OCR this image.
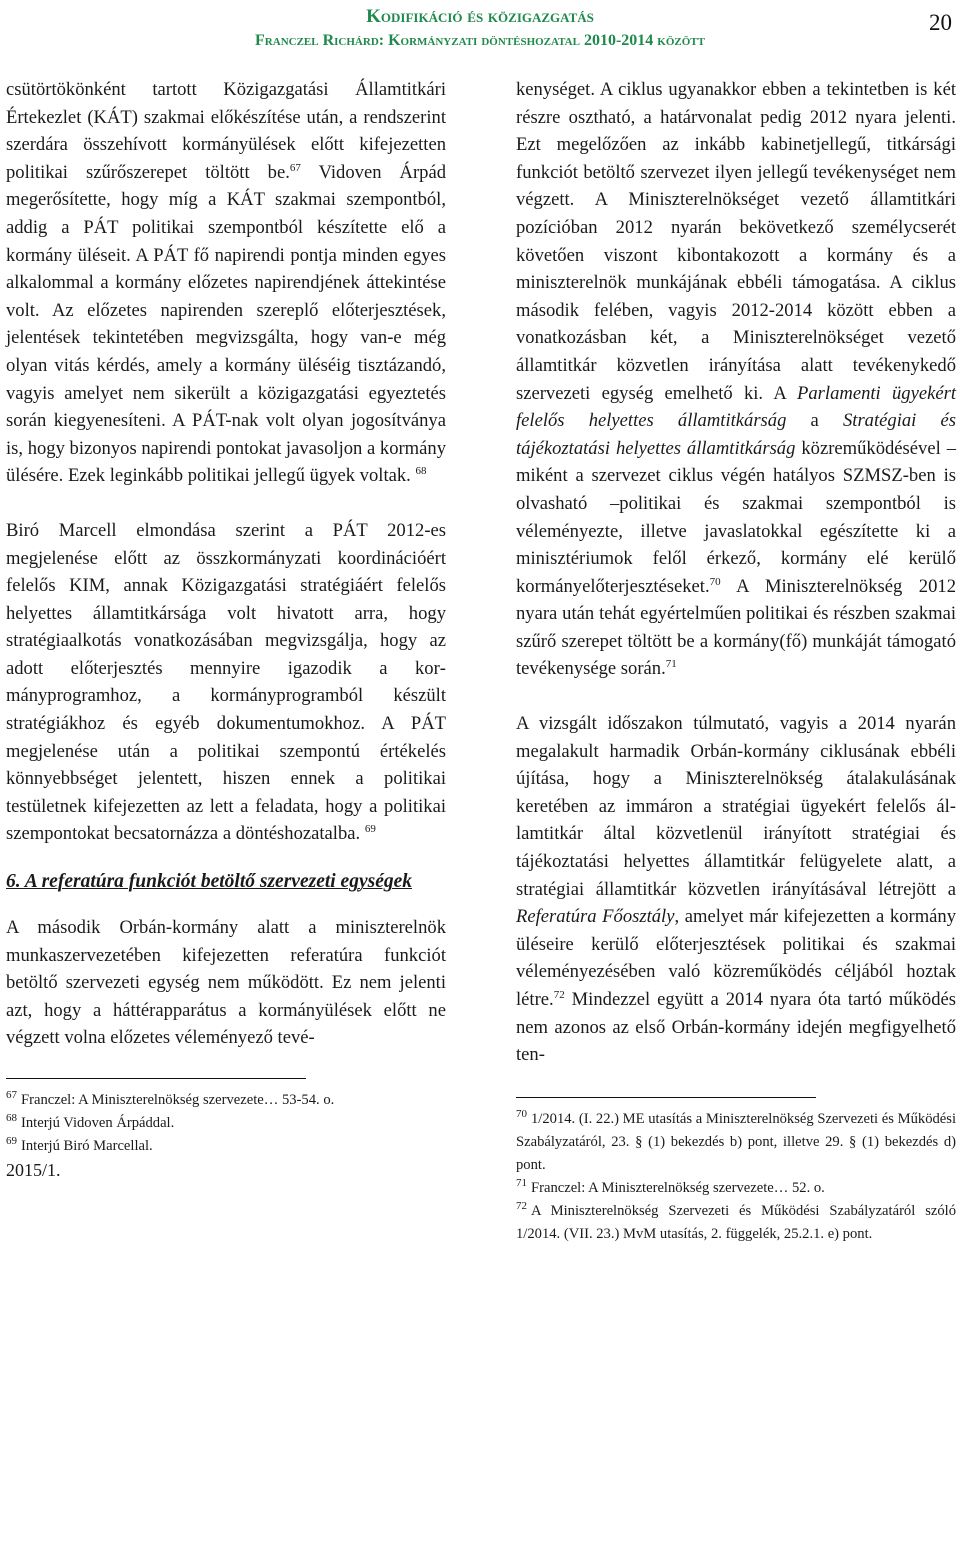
Kodifikáció és közigazgatás
Franczel Richárd: Kormányzati döntéshozatal 2010-2014 között
20

csütörtökönként tartott Közigazgatási Államtitkári Értekezlet (KÁT) szakmai előkészítése után, a rendszerint szerdára összehívott kormányülések előtt kifejezetten politikai szűrőszerepet töltött be.$^{67}$ Vidoven Árpád megerősítette, hogy míg a KÁT szakmai szempontból, addig a PÁT politikai szempontból készítette elő a kormány üléseit. A PÁT fő napirendi pontja minden egyes alkalommal a kormány előzetes napirendjének áttekintése volt. Az előzetes napirenden szereplő előterjesztések, jelentések tekintetében megvizsgálta, hogy van-e még olyan vitás kérdés, amely a kormány üléséig tisztázandó, vagyis amelyet nem sikerült a közigazgatási egyeztetés során kiegyenesíteni. A PÁT-nak volt olyan jogosítványa is, hogy bizonyos napirendi pontokat javasoljon a kormány ülésére. Ezek leginkább politikai jellegű ügyek voltak. $^{68}$

Biró Marcell elmondása szerint a PÁT 2012-es megjelenése előtt az összkormányzati koordinációért felelős KIM, annak Közigazgatási stratégiáért felelős helyettes államtitkársága volt hivatott arra, hogy stratégiaalkotás vonatkozásában megvizsgálja, hogy az adott előterjesztés mennyire igazodik a kormányprogramhoz, a kormányprogramból készült stratégiákhoz és egyéb dokumentumokhoz. A PÁT megjelenése után a politikai szempontú értékelés könnyebbséget jelentett, hiszen ennek a politikai testületnek kifejezetten az lett a feladata, hogy a politikai szempontokat becsatornázza a döntéshozatalba. $^{69}$

6. A referatúra funkciót betöltő szervezeti egységek

A második Orbán-kormány alatt a miniszterelnök munkaszervezetében kifejezetten referatúra funkciót betöltő szervezeti egység nem működött. Ez nem jelenti azt, hogy a háttérapparátus a kormányülések előtt ne végzett volna előzetes véleményező tevé-

$^{67}$ Franczel: A Miniszterelnökség szervezete… 53-54. o.

$^{68}$ Interjú Vidoven Árpáddal.

$^{69}$ Interjú Biró Marcellal.

2015/1.

kenységet. A ciklus ugyanakkor ebben a tekintetben is két részre osztható, a határvonalat pedig 2012 nyara jelenti. Ezt megelőzően az inkább kabinetjellegű, titkársági funkciót betöltő szervezet ilyen jellegű tevékenységet nem végzett. A Miniszterelnökséget vezető államtitkári pozícióban 2012 nyarán bekövetkező személycserét követően viszont kibontakozott a kormány és a miniszterelnök munkájának ebbéli támogatása. A ciklus második felében, vagyis 2012-2014 között ebben a vonatkozásban két, a Miniszterelnökséget vezető államtitkár közvetlen irányítása alatt tevékenykedő szervezeti egység emelhető ki. A Parlamenti ügyekért felelős helyettes államtitkárság a Stratégiai és tájékoztatási helyettes államtitkárság közreműködésével – miként a szervezet ciklus végén hatályos SZMSZ-ben is olvasható –politikai és szakmai szempontból is véleményezte, illetve javaslatokkal egészítette ki a minisztériumok felől érkező, kormány elé kerülő kormányelőterjesztéseket.$^{70}$ A Miniszterelnökség 2012 nyara után tehát egyértelműen politikai és részben szakmai szűrő szerepet töltött be a kormány(fő) munkáját támogató tevékenysége során.$^{71}$

A vizsgált időszakon túlmutató, vagyis a 2014 nyarán megalakult harmadik Orbán-kormány ciklusának ebbéli újítása, hogy a Miniszterelnökség átalakulásának keretében az immáron a stratégiai ügyekért felelős államtitkár által közvetlenül irányított stratégiai és tájékoztatási helyettes államtitkár felügyelete alatt, a stratégiai államtitkár közvetlen irányításával létrejött a Referatúra Főosztály, amelyet már kifejezetten a kormány üléseire kerülő előterjesztések politikai és szakmai véleményezésében való közreműködés céljából hoztak létre.$^{72}$ Mindezzel együtt a 2014 nyara óta tartó működés nem azonos az első Orbán-kormány idején megfigyelhető ten-

$^{70}$ 1/2014. (I. 22.) ME utasítás a Miniszterelnökség Szervezeti és Működési Szabályzatáról, 23. § (1) bekezdés b) pont, illetve 29. § (1) bekezdés d) pont.

$^{71}$ Franczel: A Miniszterelnökség szervezete… 52. o.

$^{72}$ A Miniszterelnökség Szervezeti és Működési Szabályzatáról szóló 1/2014. (VII. 23.) MvM utasítás, 2. függelék, 25.2.1. e) pont.
